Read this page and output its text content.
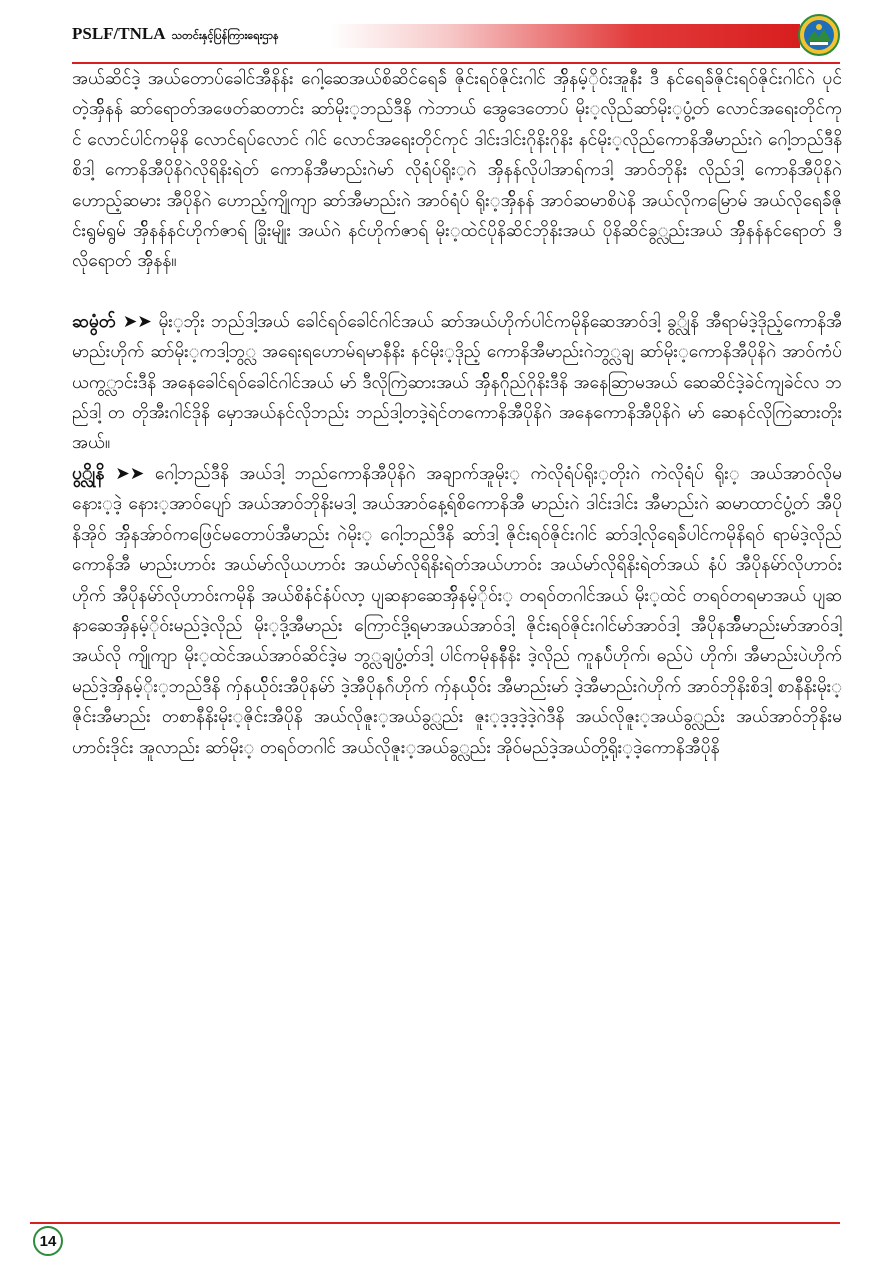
PSLF/TNLA သတင်းနှင့်ပြန်ကြားရေးဌာန

အယ်ဆိင်ဒဲ့ အယ်တောပ်ခေါင်အီနိန်း ဂေါ့ဆေအယ်စိဆိင်ရေခ်ဲ ဇိုင်းရဝ်ဇိုင်းဂါင် အှ်ိနမ့်ိုဝ်းအူနီး ဒီ နင်ရေခ်ဲဇိုင်းရဝ်ဇိုင်းဂါင်ဂဲ ပုင်တဲ့အှ်ိနန် ဆာ်ရောတ်အဖေတ်ဆတာင်း ဆာ်မိုး့ဘည်ဒီနိ ကဲဘာယ် အွေဒေတောပ် မိုး့လိုည်ဆာ်မိုး့ပွံ့တ် လောင်အရေးတိုင်ကုင် လောင်ပါင်ကမိုနိ လောင်ရပ်လောင် ဂါင် လောင်အရေးတိုင်ကုင် ဒါင်းဒါင်းဂိုနိးဂိုနိး နင်မိုး့လိုည်ကောနိအီမာည်းဂဲ ဂေါ့ဘည်ဒီနိစိဒါ့ ကောနိအီပိုနိဂဲလိုရိနိးရဲတ် ကောနိအီမာည်းဂဲမာ် လိုရံပ်ရိုး့ဂဲ အှ်ိနန်လိုပါအာရ်ကဒါ့ အာဝ်ဘိုနိး လိုည်ဒါ့ ကောနိအီပိုနိဂဲ ဟောည့်ဆမား အီပိုနိဂဲ ဟောည့်ကျိုကျာ ဆာ်အီမာည်းဂဲ အာဝ်ရံပ် ရိုး့အှ်ိနန် အာဝ်ဆမာစိပဲနိ အယ်လိုကမြောမ် အယ်လိုရေခ်ဲဇိုင်းရွမ်ရွမ် အှ်ိနန်နင်ဟိုက်ဇာရ် ခြိုးမျိုး အယ်ဂဲ နင်ဟိုက်ဇာရ် မိုး့ထဲင်ပိုနိဆိင်ဘိုနိးအယ် ပိုနိဆိင်ခွ္လည်းအယ် အှ်ိနန်နင်ရောတ် ဒီလိုရောတ် အှ်ိနန်။

ဆမွံတ် ➤➤ မိုး့ဘိုး ဘည်ဒါ့အယ် ခေါင်ရဝ်ခေါင်ဂါင်အယ် ဆာ်အယ်ဟိုက်ပါင်ကမိုနိဆေအာဝ်ဒါ့ ခွ္လိုနိ အီရာမ်ဒဲ့ဒိုည့်ကောနိအီမာည်းဟိုက် ဆာ်မိုး့ကဒါ့ဘွ္လ အရေးရဟောမ်ရမာနီနိး နင်မိုး့ဒိုည့် ကောနိအီမာည်းဂဲဘွ္လချ ဆာ်မိုး့ကောနိအီပိုနိဂဲ အာဝ်ကံပ်ယကွ္လာင်းဒီနိ အနေခေါင်ရဝ်ခေါင်ဂါင်အယ် မာ် ဒီလိုကြဲဆားအယ် အှ်ိနဂ်ိုည်ဂိုနိးဒီနိ အနေဆြာမအယ် ဆေဆိင်ဒဲ့ခဲင်ကျခဲင်လ ဘည်ဒါ့ တ တိုအီးဂါင်ဒိုနိ မှောအယ်နင်လိုဘည်း ဘည်ဒါ့တဒဲ့ရဲင်တကောနိအီပိုနိဂဲ အနေကောနိအီပိုနိဂဲ မာ် ဆေနင်လိုကြဲဆားတိုးအယ်။

ပွ္လိုနိ ➤➤ ဂေါ့ဘည်ဒီနိ အယ်ဒါ့ ဘည်ကောနိအီပိုနိဂဲ အချာက်အူမိုး့ ကဲလိုရံပ်ရိုး့တိုးဂဲ ကဲလိုရံပ် ရိုး့ အယ်အာဝ်လိုမ နေား့ဒဲ့ နေား့အာဝ်ပျော် အယ်အာဝ်ဘိုနိးမဒါ့ အယ်အာဝ်နေ့ရ်စိကောနိအီ မာည်းဂဲ ဒါင်းဒါင်း အီမာည်းဂဲ ဆမာထာင်ပွံ့တ် အီပိုနိအိုဝ် အှ်ိနအ်ာဝ်ကဖြေင်မတောပ်အီမာည်း ဂဲမိုး့ ဂေါ့ဘည်ဒီနိ ဆာ်ဒါ့ ဇိုင်းရဝ်ဇိုင်းဂါင် ဆာ်ဒါ့လိုရေခ်ဲပါင်ကမိုနိရဝ် ရာမ်ဒဲ့လိုည်ကောနိအီ မာည်းဟာဝ်း အယ်မာ်လိုယဟာဝ်း အယ်မာ်လိုရိနိးရဲတ်အယ်ဟာဝ်း အယ်မာ်လိုရိနိးရဲတ်အယ် နံပ် အီပိုနမ်ာ်လိုဟာဝ်းဟိုက် အီပိုနမ်ာ်လိုဟာဝ်းကမိုနိ အယ်စိနံင်နံပ်လာ့ ပျဆနာဆေအှ်ိနမ့်ိုဝ်း့ တရဝ်တဂါင်အယ် မိုး့ထဲင် တရဝ်တရမာအယ် ပျဆနာဆေအှ်ိနမ့်ိုဝ်းမည်ဒဲ့လိုည် မိုး့ဒို့အီမာည်း ကြောင်ဒို့ရမာအယ်အာဝ်ဒါ့ ဇိုင်းရဝ်ဇိုင်းဂါင်မာ်အာဝ်ဒါ့ အီပိုနအ်ီမာည်းမာ်အာဝ်ဒါ့ အယ်လို ကျိုကျာ မိုး့ထဲင်အယ်အာဝ်ဆိင်ဒဲ့မ ဘွ္လချပွံ့တ်ဒါ့ ပါင်ကမိုနနိီနိး ဒဲ့လိုည် ကူနပ်ဲဟိုက်၊ ဓည်ပဲ ဟိုက်၊ အီမာည်းပဲဟိုက် မည်ဒဲ့အှ်ိနမ့်ိုး့ဘည်ဒီနိ ကှ်နယ်ိုဝ်းအီပိုနမ်ာ် ဒဲ့အီပိုနဂ်ဲဟိုက် ကှ်နယ်ိုဝ်း အီမာည်းမာ် ဒဲ့အီမာည်းဂဲဟိုက် အာဝ်ဘိုနိးစိဒါ့ စာနီနိးမိုး့ဇိုင်းအီမာည်း တစာနီနိးမိုး့ဇိုင်းအီပိုနိ အယ်လိုဇူး့အယ်ခွ္လည်း ဇူး့ဒ့ဒ့ဒဲ့ဒဲ့ဂဲဒီနိ အယ်လိုဇူး့အယ်ခွ္လည်း အယ်အာဝ်ဘိုနိးမ ဟာဝ်းဒိုင်း အူလာည်း ဆာ်မိုး့ တရဝ်တဂါင် အယ်လိုဇူး့အယ်ခွ္လည်း အိုဝ်မည်ဒဲ့အယ်တို့ရိုး့ဒဲ့ကောနိအီပိုနိ

14
